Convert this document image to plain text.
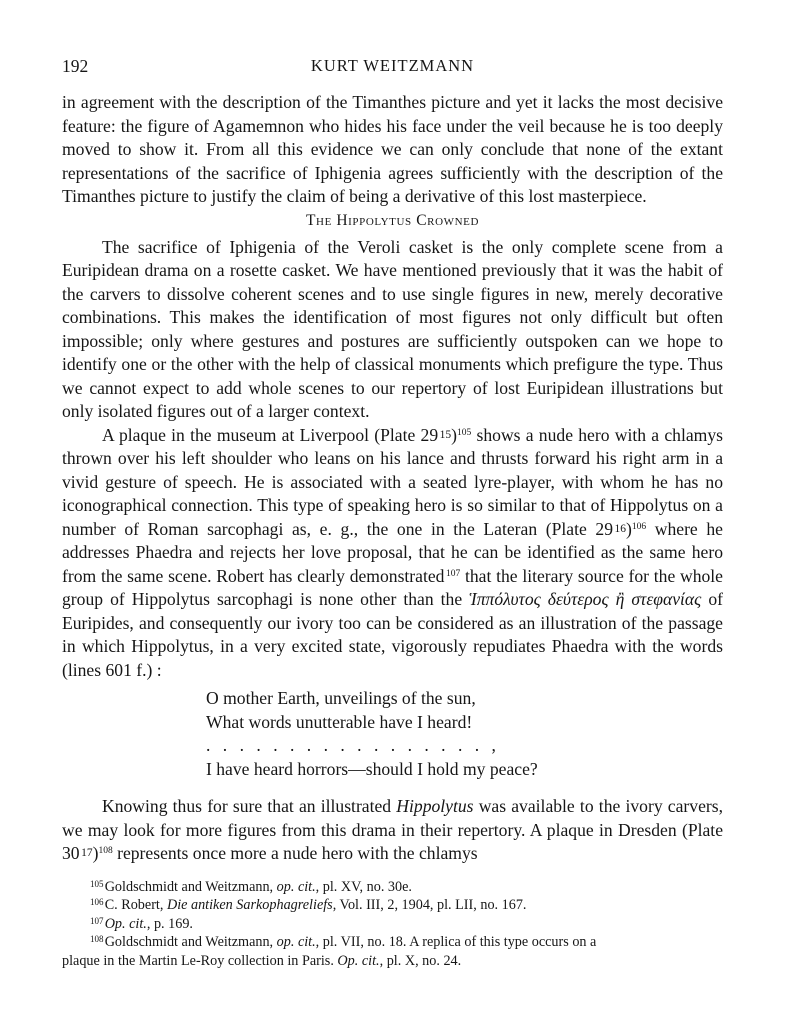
192	KURT WEITZMANN

in agreement with the description of the Timanthes picture and yet it lacks the most decisive feature: the figure of Agamemnon who hides his face under the veil because he is too deeply moved to show it. From all this evidence we can only conclude that none of the extant representations of the sacrifice of Iphigenia agrees sufficiently with the description of the Timanthes picture to justify the claim of being a derivative of this lost masterpiece.

The Hippolytus Crowned

The sacrifice of Iphigenia of the Veroli casket is the only complete scene from a Euripidean drama on a rosette casket. We have mentioned previously that it was the habit of the carvers to dissolve coherent scenes and to use single figures in new, merely decorative combinations. This makes the identification of most figures not only difficult but often impossible; only where gestures and postures are sufficiently outspoken can we hope to identify one or the other with the help of classical monuments which prefigure the type. Thus we cannot expect to add whole scenes to our repertory of lost Euripidean illustrations but only isolated figures out of a larger context.

A plaque in the museum at Liverpool (Plate 29 15)$^{105}$ shows a nude hero with a chlamys thrown over his left shoulder who leans on his lance and thrusts forward his right arm in a vivid gesture of speech. He is associated with a seated lyre-player, with whom he has no iconographical connection. This type of speaking hero is so similar to that of Hippolytus on a number of Roman sarcophagi as, e. g., the one in the Lateran (Plate 29 16)$^{106}$ where he addresses Phaedra and rejects her love proposal, that he can be identified as the same hero from the same scene. Robert has clearly demonstrated $^{107}$ that the literary source for the whole group of Hippolytus sarcophagi is none other than the Ἱππόλυτος δεύτερος ἢ στεφανίας of Euripides, and consequently our ivory too can be considered as an illustration of the passage in which Hippolytus, in a very excited state, vigorously repudiates Phaedra with the words (lines 601 f.) :

O mother Earth, unveilings of the sun,
What words unutterable have I heard!
. . . . . . . . . . . . . . . . . ,
I have heard horrors—should I hold my peace?

Knowing thus for sure that an illustrated Hippolytus was available to the ivory carvers, we may look for more figures from this drama in their repertory. A plaque in Dresden (Plate 30 17)$^{108}$ represents once more a nude hero with the chlamys

$^{105}$ Goldschmidt and Weitzmann, op. cit., pl. XV, no. 30e.
$^{106}$ C. Robert, Die antiken Sarkophagreliefs, Vol. III, 2, 1904, pl. LII, no. 167.
$^{107}$ Op. cit., p. 169.
$^{108}$ Goldschmidt and Weitzmann, op. cit., pl. VII, no. 18. A replica of this type occurs on a
plaque in the Martin Le-Roy collection in Paris. Op. cit., pl. X, no. 24.
